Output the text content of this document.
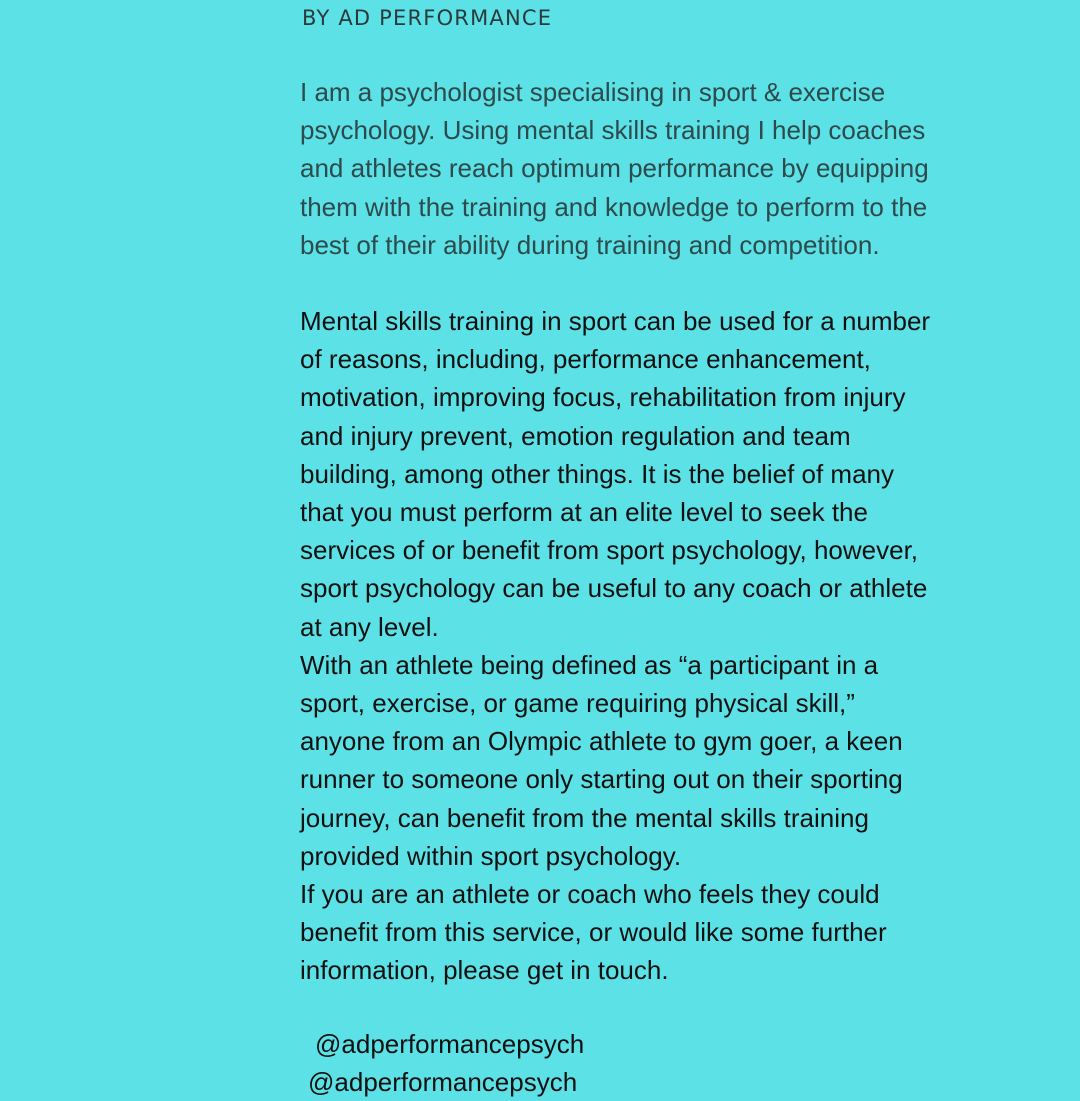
BY AD PERFORMANCE
I am a psychologist specialising in sport & exercise psychology. Using mental skills training I help coaches and athletes reach optimum performance by equipping them with the training and knowledge to perform to the best of their ability during training and competition.

Mental skills training in sport can be used for a number of reasons, including, performance enhancement, motivation, improving focus, rehabilitation from injury and injury prevent, emotion regulation and team building, among other things. It is the belief of many that you must perform at an elite level to seek the services of or benefit from sport psychology, however, sport psychology can be useful to any coach or athlete at any level.

With an athlete being defined as “a participant in a sport, exercise, or game requiring physical skill,” anyone from an Olympic athlete to gym goer, a keen runner to someone only starting out on their sporting journey, can benefit from the mental skills training provided within sport psychology.

If you are an athlete or coach who feels they could benefit from this service, or would like some further information, please get in touch.

@adperformancepsych
@adperformancepsych
